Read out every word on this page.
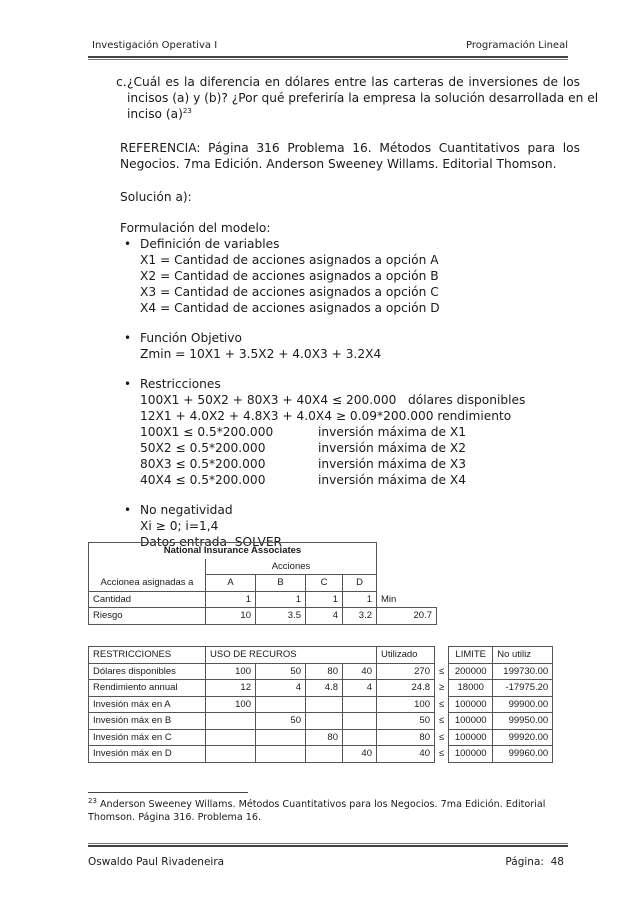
Investigación Operativa I	Programación Lineal
c. ¿Cuál es la diferencia en dólares entre las carteras de inversiones de los
incisos (a) y (b)? ¿Por qué preferiría la empresa la solución desarrollada en el
inciso $(a)^{23}$
REFERENCIA: Página 316 Problema 16. Métodos Cuantitativos para los
Negocios. 7ma Edición. Anderson Sweeney Willams. Editorial Thomson.
Solución a):
Formulación del modelo:
• Definición de variables
X1 = Cantidad de acciones asignados a opción A
X2 = Cantidad de acciones asignados a opción B
X3 = Cantidad de acciones asignados a opción C
X4 = Cantidad de acciones asignados a opción D
• Función Objetivo
Zmin = 10X1 + 3.5X2 + 4.0X3 + 3.2X4
• Restricciones
100X1 + 50X2 + 80X3 + 40X4 ≤ 200.000   dólares disponibles
12X1 + 4.0X2 + 4.8X3 + 4.0X4 ≥ 0.09*200.000 rendimiento
100X1 ≤ 0.5*200.000	inversión máxima de X1
50X2 ≤ 0.5*200.000	inversión máxima de X2
80X3 ≤ 0.5*200.000	inversión máxima de X3
40X4 ≤ 0.5*200.000	inversión máxima de X4
• No negatividad
Xi ≥ 0; i=1,4
Datos entrada  SOLVER
National Insurance Associates					
	Acciones				
Accionea asignadas a	A	B	C	D	
Cantidad	1	1	1	1	Min
Riesgo	10	3.5	4	3.2	20.7
RESTRICCIONES	USO DE RECUROS				Utilizado		LIMITE	No utiliz
Dólares disponibles	100	50	80	40	270	≤	200000	199730.00
Rendimiento annual	12	4	4.8	4	24.8	≥	18000	-17975.20
Invesión máx en A	100				100	≤	100000	99900.00
Invesión máx en B		50			50	≤	100000	99950.00
Invesión máx en C			80		80	≤	100000	99920.00
Invesión máx en D				40	40	≤	100000	99960.00
$^{23}$ Anderson Sweeney Willams. Métodos Cuantitativos para los Negocios. 7ma Edición. Editorial
Thomson. Página 316. Problema 16.
Oswaldo Paul Rivadeneira	Página: 48
